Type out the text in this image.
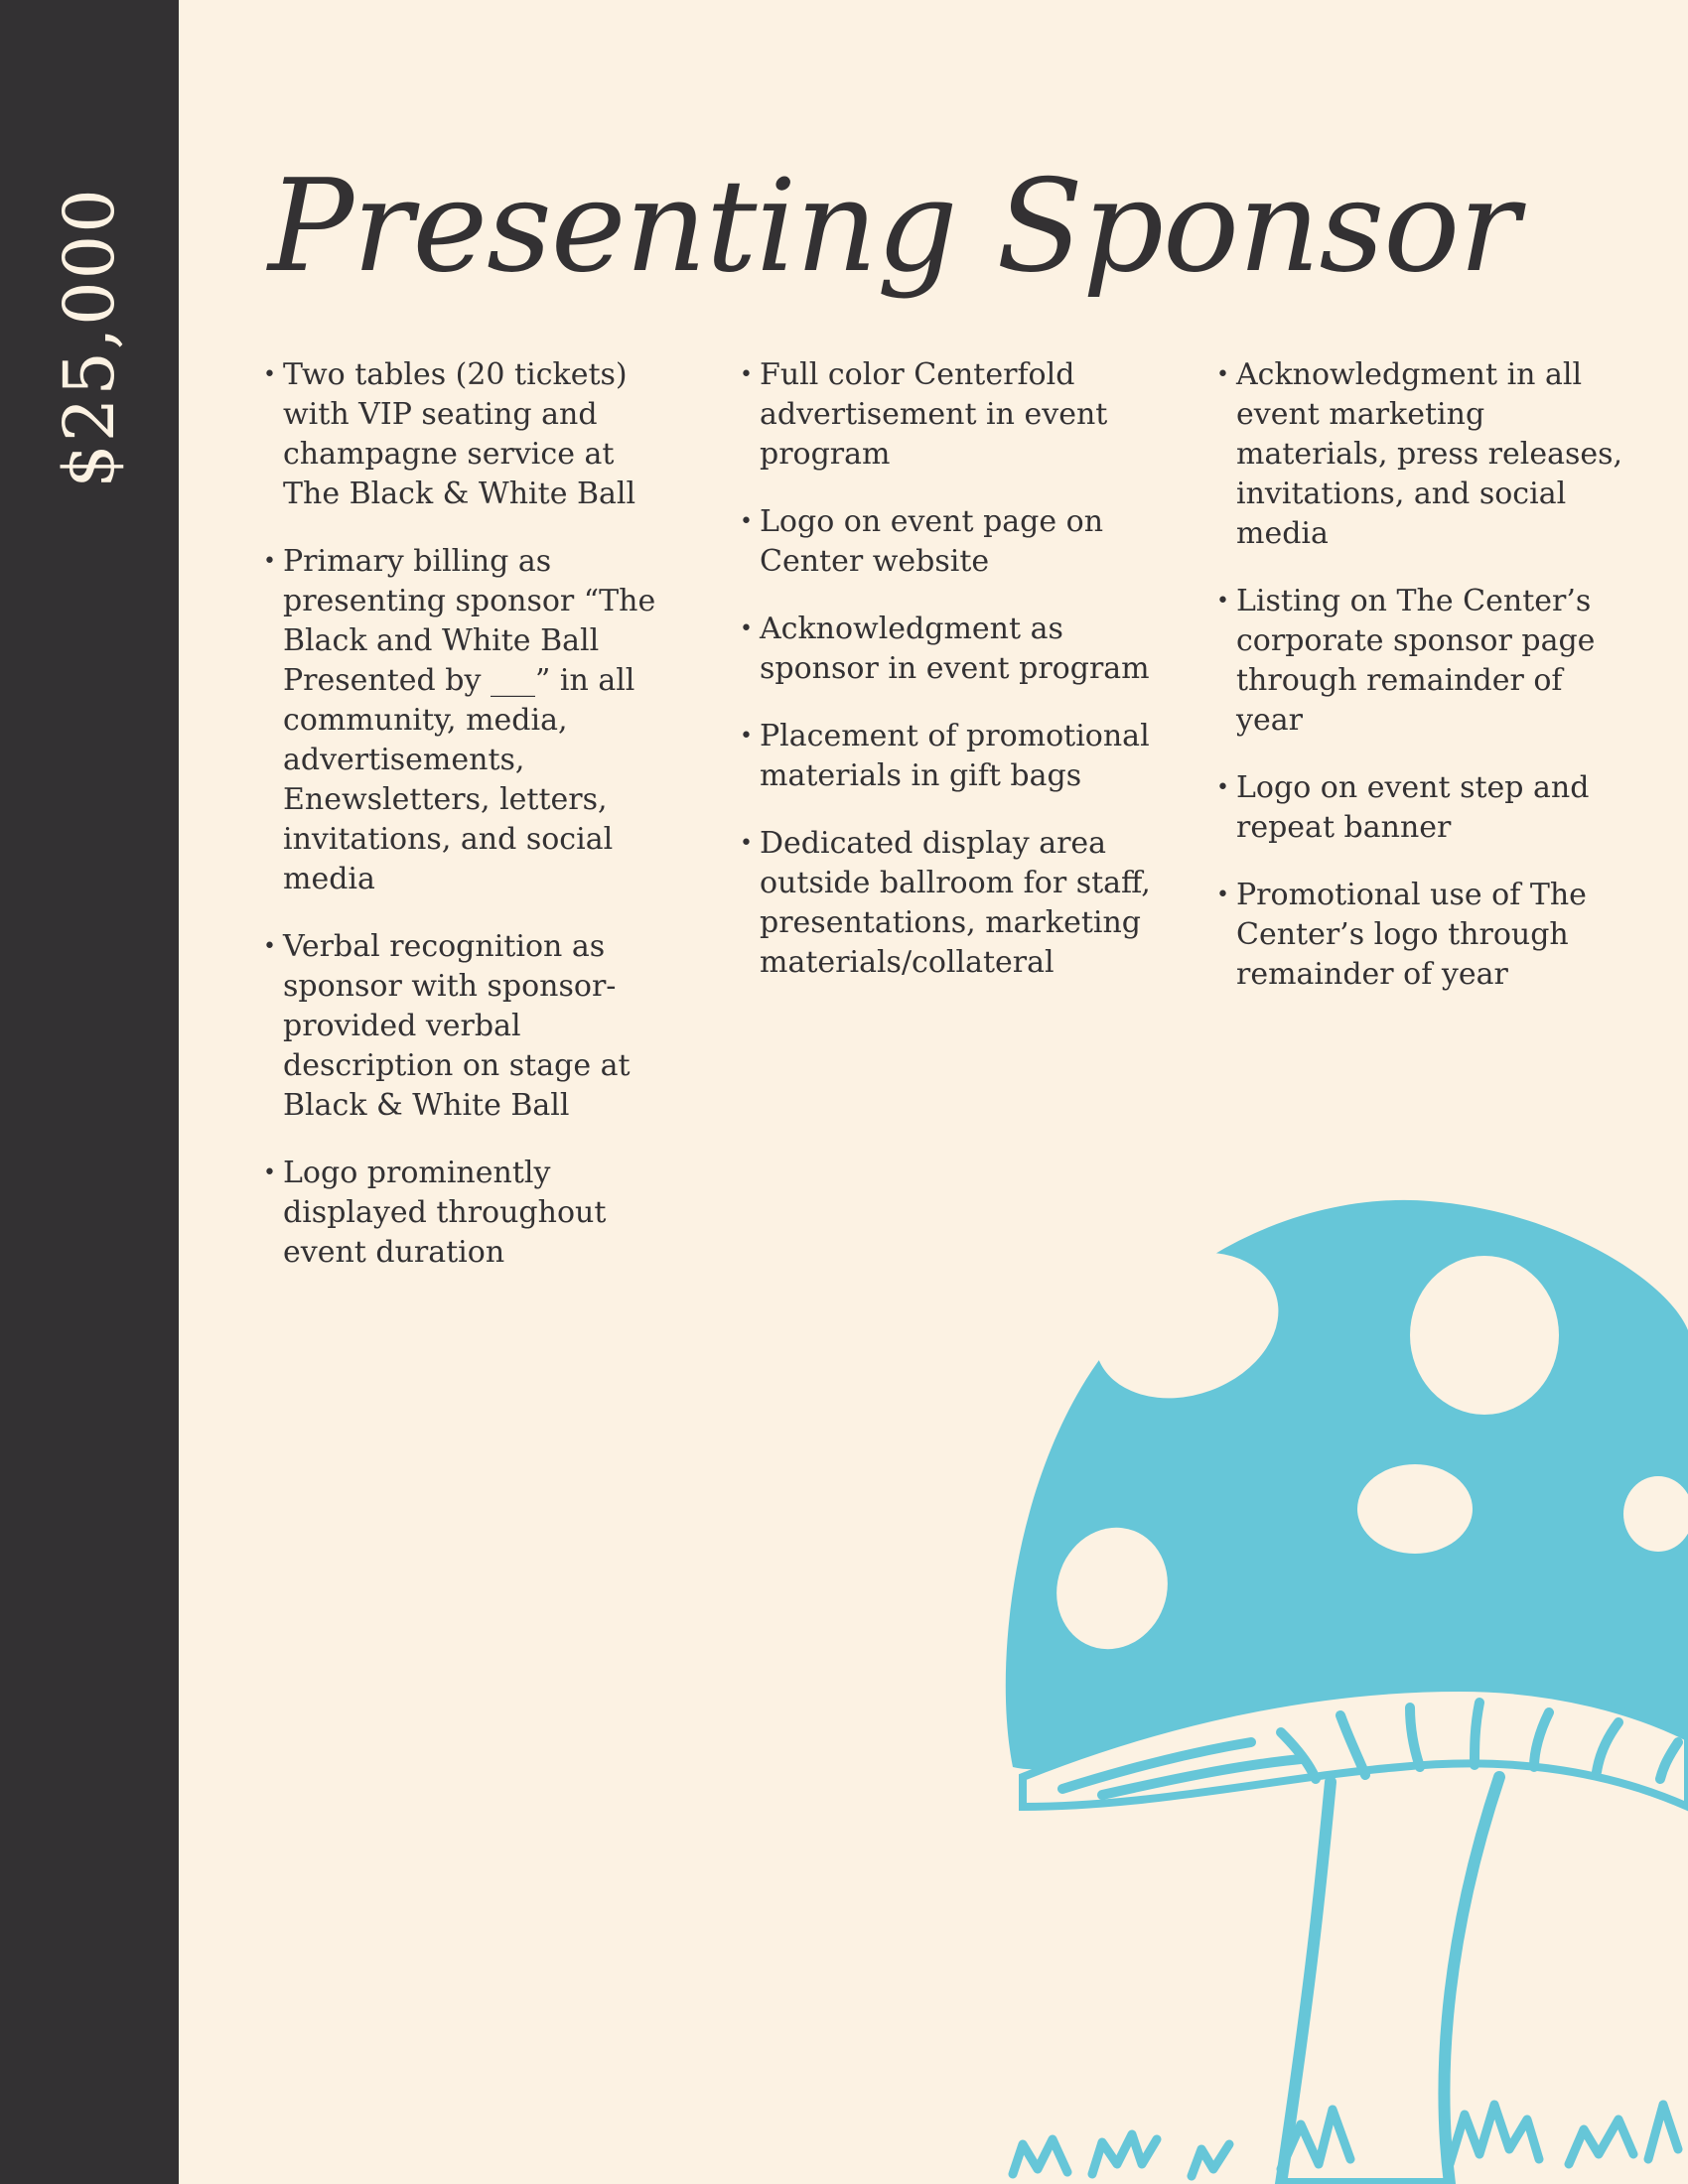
$25,000 Presenting Sponsor
• Two tables (20 tickets) with VIP seating and champagne service at The Black & White Ball
• Primary billing as presenting sponsor “The Black and White Ball Presented by ___” in all community, media, advertisements, Enewsletters, letters, invitations, and social media
• Verbal recognition as sponsor with sponsor-provided verbal description on stage at Black & White Ball
• Logo prominently displayed throughout event duration
• Full color Centerfold advertisement in event program
• Logo on event page on Center website
• Acknowledgment as sponsor in event program
• Placement of promotional materials in gift bags
• Dedicated display area outside ballroom for staff, presentations, marketing materials/collateral
• Acknowledgment in all event marketing materials, press releases, invitations, and social media
• Listing on The Center’s corporate sponsor page through remainder of year
• Logo on event step and repeat banner
• Promotional use of The Center’s logo through remainder of year
